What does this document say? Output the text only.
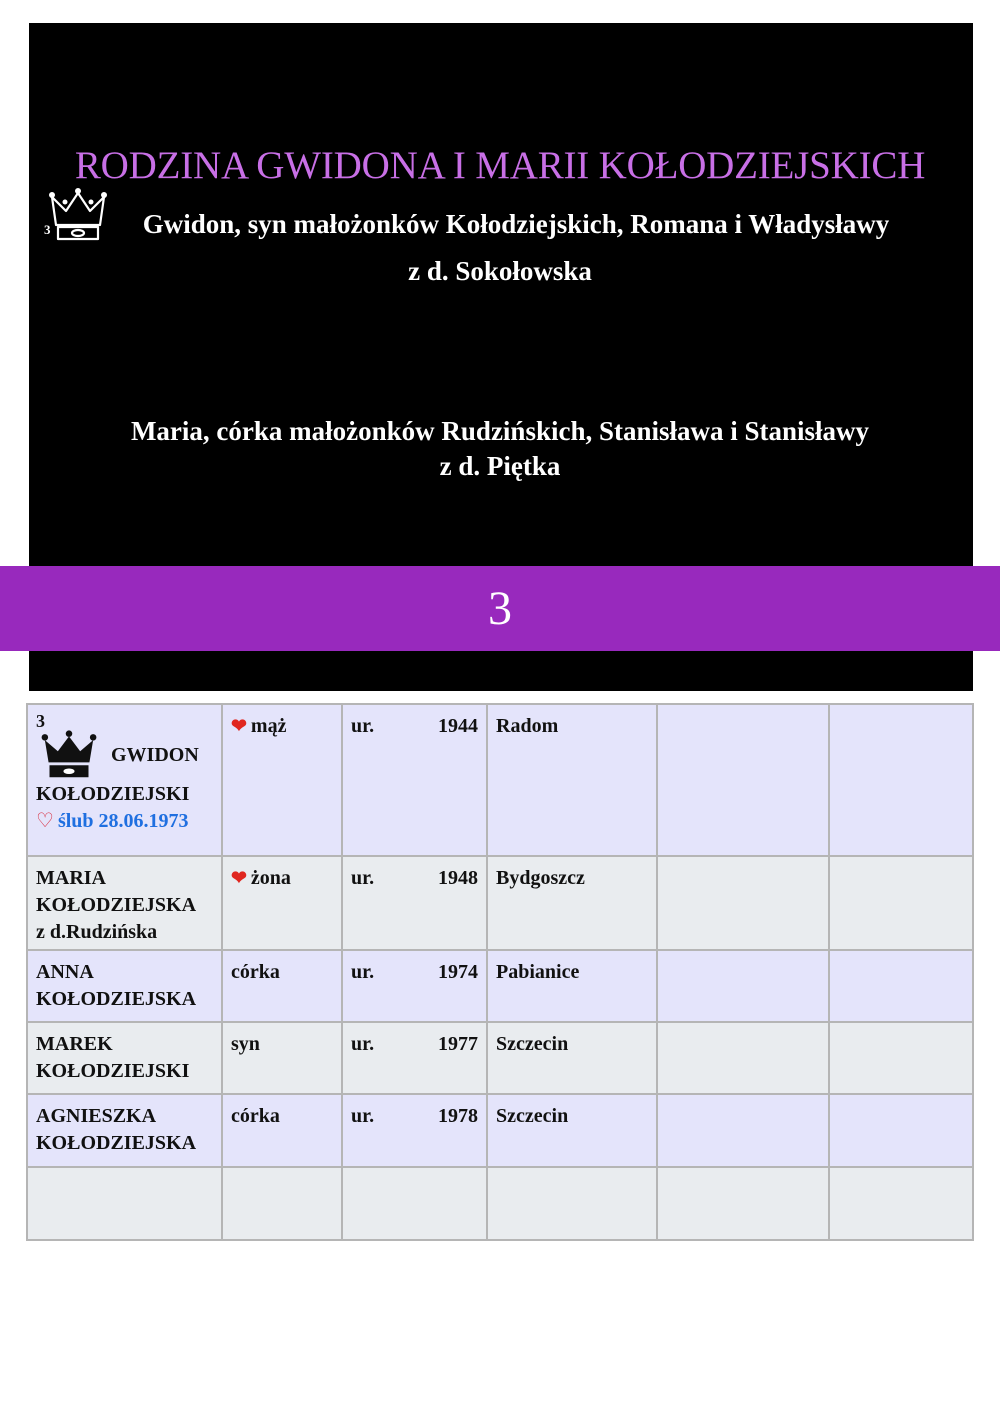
RODZINA GWIDONA I MARII KOŁODZIEJSKICH
3	Gwidon, syn małożonków Kołodziejskich, Romana i Władysławy
z d. Sokołowska
Maria, córka małożonków Rudzińskich, Stanisława i Stanisławy
z d. Piętka
3
3
GWIDON
KOŁODZIEJSKI
♡ ślub 28.06.1973	❤ mąż	ur. 1944	Radom		
MARIA
KOŁODZIEJSKA
z d.Rudzińska	❤ żona	ur. 1948	Bydgoszcz		
ANNA
KOŁODZIEJSKA	córka	ur. 1974	Pabianice		
MAREK
KOŁODZIEJSKI	syn	ur. 1977	Szczecin		
AGNIESZKA
KOŁODZIEJSKA	córka	ur. 1978	Szczecin		
